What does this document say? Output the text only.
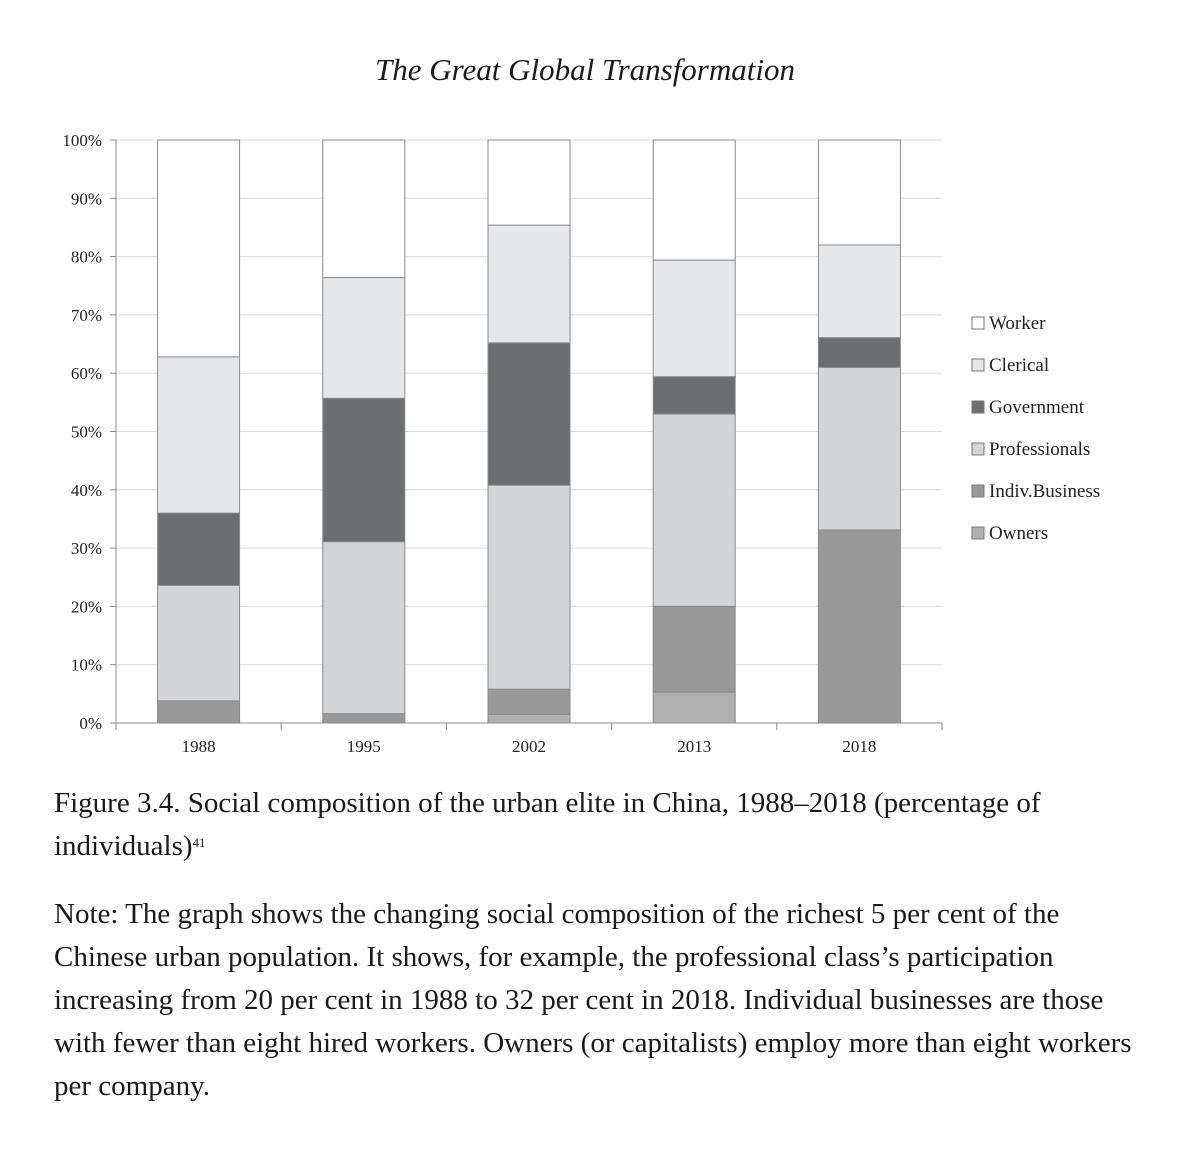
The Great Global Transformation
0%
10%
20%
30%
40%
50%
60%
70%
80%
90%
100%
1988	1995	2002	2013	2018
Worker
Clerical
Government
Professionals
Indiv.Business
Owners
Figure 3.4. Social composition of the urban elite in China, 1988–2018 (percentage of individuals)$^{41}$
Note: The graph shows the changing social composition of the richest 5 per cent of the Chinese urban population. It shows, for example, the professional class’s participation increasing from 20 per cent in 1988 to 32 per cent in 2018. Individual businesses are those with fewer than eight hired workers. Owners (or capitalists) employ more than eight workers per company.
